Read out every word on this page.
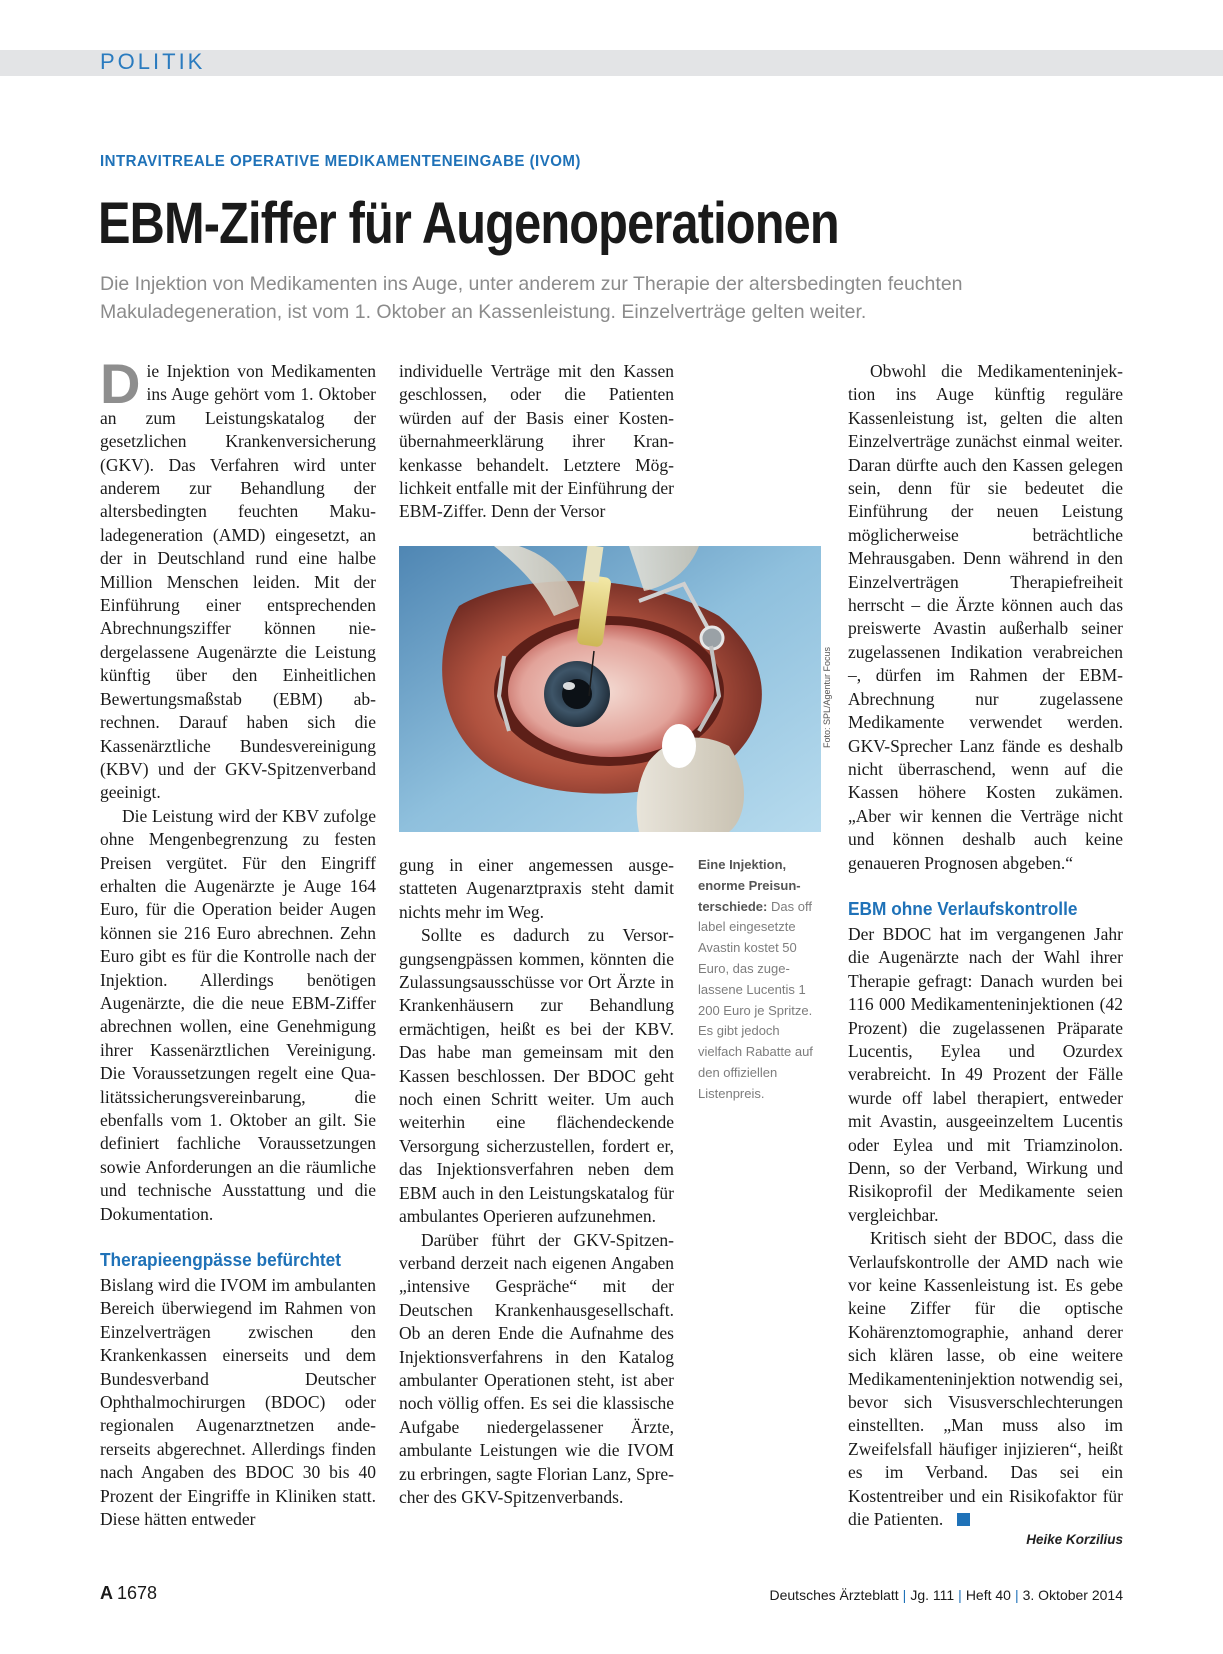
POLITIK
INTRAVITREALE OPERATIVE MEDIKAMENTENEINGABE (IVOM)
EBM-Ziffer für Augenoperationen

Die Injektion von Medikamenten ins Auge, unter anderem zur Therapie der altersbedingten feuchten Makuladegeneration, ist vom 1. Oktober an Kassenleistung. Einzelverträge gelten weiter.

Die Injektion von Medikamenten ins Auge gehört vom 1. Oktober an zum Leistungskatalog der gesetzlichen Krankenversicherung (GKV). Das Verfahren wird unter anderem zur Behandlung der altersbedingten feuchten Makuladegeneration (AMD) eingesetzt, an der in Deutschland rund eine halbe Million Menschen leiden. Mit der Einführung einer entsprechenden Abrechnungsziffer können niedergelassene Augenärzte die Leistung künftig über den Einheitlichen Bewertungsmaßstab (EBM) abrechnen. Darauf haben sich die Kassenärztliche Bundesvereinigung (KBV) und der GKV-Spitzenverband geeinigt.

Die Leistung wird der KBV zufolge ohne Mengenbegrenzung zu festen Preisen vergütet. Für den Eingriff erhalten die Augenärzte je Auge 164 Euro, für die Operation beider Augen können sie 216 Euro abrechnen. Zehn Euro gibt es für die Kontrolle nach der Injektion. Allerdings benötigen Augenärzte, die die neue EBM-Ziffer abrechnen wollen, eine Genehmigung ihrer Kassenärztlichen Vereinigung. Die Voraussetzungen regelt eine Qualitätssicherungsvereinbarung, die ebenfalls vom 1. Oktober an gilt. Sie definiert fachliche Voraussetzungen sowie Anforderungen an die räumliche und technische Ausstattung und die Dokumentation.

Therapieengpässe befürchtet

Bislang wird die IVOM im ambulanten Bereich überwiegend im Rahmen von Einzelverträgen zwischen den Krankenkassen einerseits und dem Bundesverband Deutscher Ophthalmochirurgen (BDOC) oder regionalen Augenarztnetzen andererseits abgerechnet. Allerdings finden nach Angaben des BDOC 30 bis 40 Prozent der Eingriffe in Kliniken statt. Diese hätten entweder

individuelle Verträge mit den Kassen geschlossen, oder die Patienten würden auf der Basis einer Kostenübernahmeerklärung ihrer Krankenkasse behandelt. Letztere Möglichkeit entfalle mit der Einführung der EBM-Ziffer. Denn der Versor

Foto: SPL/Agentur Focus
Eine Injektion, enorme Preisunterschiede: Das off label eingesetzte Avastin kostet 50 Euro, das zugelassene Lucentis 1 200 Euro je Spritze. Es gibt jedoch vielfach Rabatte auf den offiziellen Listenpreis.

gung in einer angemessen ausgestatteten Augenarztpraxis steht damit nichts mehr im Weg.

Sollte es dadurch zu Versorgungsengpässen kommen, könnten die Zulassungsausschüsse vor Ort Ärzte in Krankenhäusern zur Behandlung ermächtigen, heißt es bei der KBV. Das habe man gemeinsam mit den Kassen beschlossen. Der BDOC geht noch einen Schritt weiter. Um auch weiterhin eine flächendeckende Versorgung sicherzustellen, fordert er, das Injektionsverfahren neben dem EBM auch in den Leistungskatalog für ambulantes Operieren aufzunehmen.

Darüber führt der GKV-Spitzenverband derzeit nach eigenen Angaben „intensive Gespräche“ mit der Deutschen Krankenhausgesellschaft. Ob an deren Ende die Aufnahme des Injektionsverfahrens in den Katalog ambulanter Operationen steht, ist aber noch völlig offen. Es sei die klassische Aufgabe niedergelassener Ärzte, ambulante Leistungen wie die IVOM zu erbringen, sagte Florian Lanz, Sprecher des GKV-Spitzenverbands.

Obwohl die Medikamenteninjektion ins Auge künftig reguläre Kassenleistung ist, gelten die alten Einzelverträge zunächst einmal weiter. Daran dürfte auch den Kassen gelegen sein, denn für sie bedeutet die Einführung der neuen Leistung möglicherweise beträchtliche Mehrausgaben. Denn während in den Einzelverträgen Therapiefreiheit herrscht – die Ärzte können auch das preiswerte Avastin außerhalb seiner zugelassenen Indikation verabreichen –, dürfen im Rahmen der EBM-Abrechnung nur zugelassene Medikamente verwendet werden. GKV-Sprecher Lanz fände es deshalb nicht überraschend, wenn auf die Kassen höhere Kosten zukämen. „Aber wir kennen die Verträge nicht und können deshalb auch keine genaueren Prognosen abgeben.“

EBM ohne Verlaufskontrolle

Der BDOC hat im vergangenen Jahr die Augenärzte nach der Wahl ihrer Therapie gefragt: Danach wurden bei 116 000 Medikamenteninjektionen (42 Prozent) die zugelassenen Präparate Lucentis, Eylea und Ozurdex verabreicht. In 49 Prozent der Fälle wurde off label therapiert, entweder mit Avastin, ausgeeinzeltem Lucentis oder Eylea und mit Triamzinolon. Denn, so der Verband, Wirkung und Risikoprofil der Medikamente seien vergleichbar.

Kritisch sieht der BDOC, dass die Verlaufskontrolle der AMD nach wie vor keine Kassenleistung ist. Es gebe keine Ziffer für die optische Kohärenztomographie, anhand derer sich klären lasse, ob eine weitere Medikamenteninjektion notwendig sei, bevor sich Visusverschlechterungen einstellten. „Man muss also im Zweifelsfall häufiger injizieren“, heißt es im Verband. Das sei ein Kostentreiber und ein Risikofaktor für die Patienten.

Heike Korzilius
A 1678	Deutsches Ärzteblatt | Jg. 111 | Heft 40 | 3. Oktober 2014
